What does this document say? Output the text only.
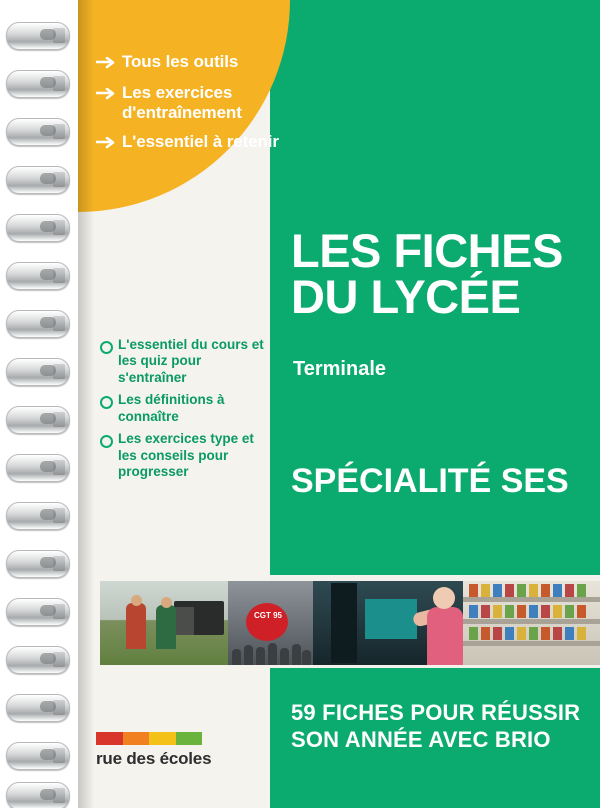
Tous les outils
Les exercices d'entraînement
L'essentiel à retenir
LES FICHES
DU LYCÉE
Terminale
SPÉCIALITÉ SES
L'essentiel du cours et les quiz pour s'entraîner
Les définitions à connaître
Les exercices type et les conseils pour progresser
CGT 95
59 FICHES POUR RÉUSSIR
SON ANNÉE AVEC BRIO
rue des écoles
